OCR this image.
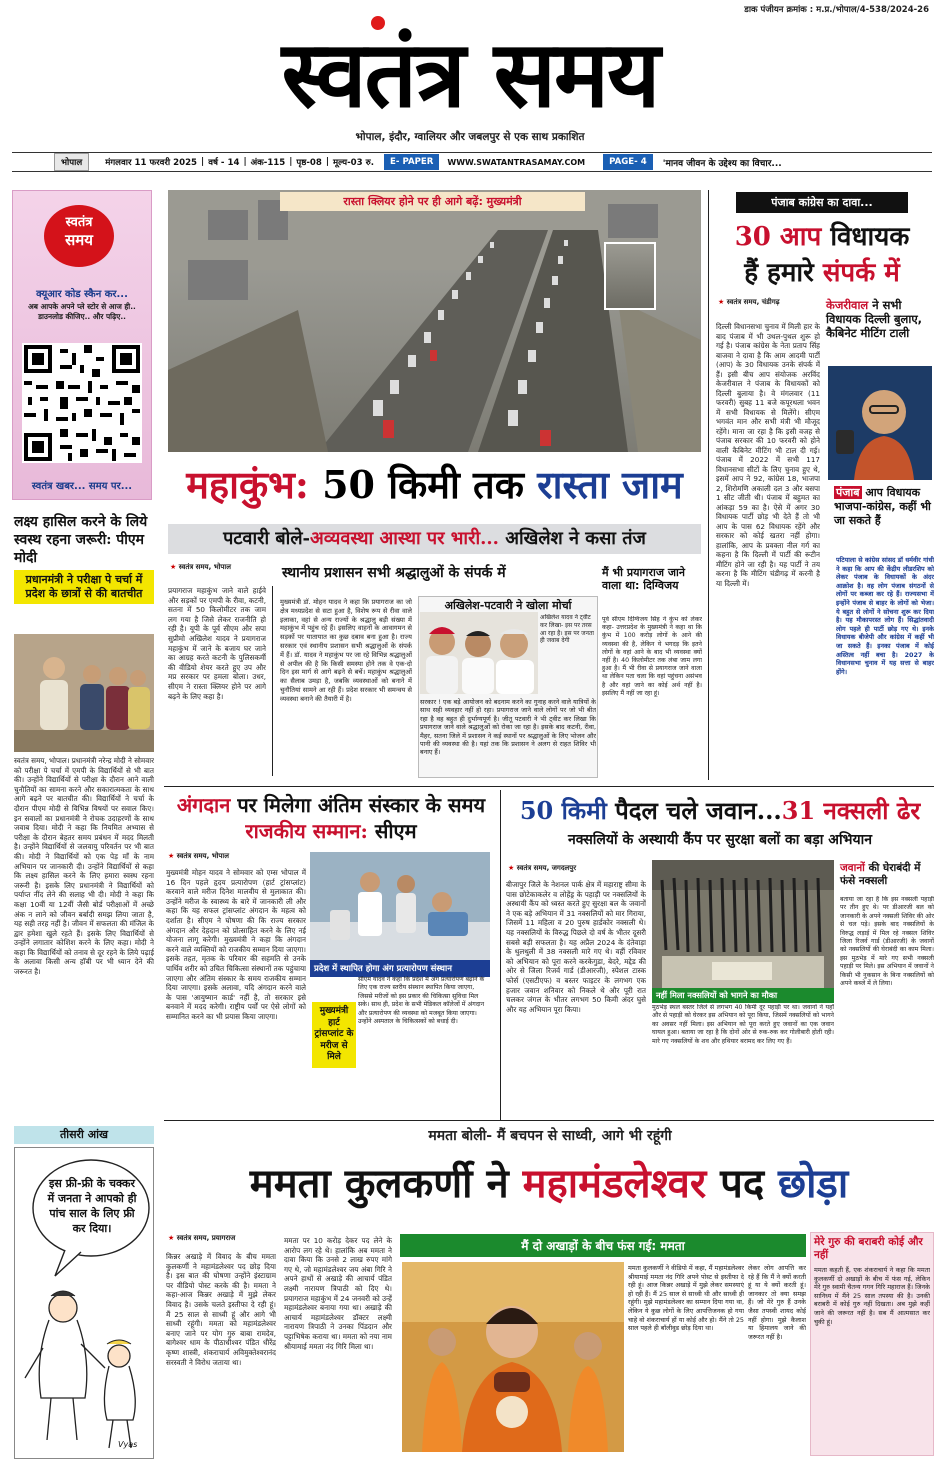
डाक पंजीयन क्रमांक : म.प्र./भोपाल/4-538/2024-26
स्वतंत्र समय
भोपाल, इंदौर, ग्वालियर और जबलपुर से एक साथ प्रकाशित
भोपाल	मंगलवार 11 फरवरी 2025 | वर्ष - 14 | अंक-115 | पृष्ठ-08 | मूल्य-03 रु.	E- PAPER	WWW.SWATANTRASAMAY.COM	PAGE- 4	'मानव जीवन के उद्देश्य का विचार...
स्वतंत्र
समय
क्यूआर कोड स्कैन कर...
अब आपके अपने प्ले स्टोर से आज ही.. डाउनलोड कीजिए.. और पढ़िए..
स्वतंत्र खबर... समय पर...
लक्ष्य हासिल करने के लिये स्वस्थ रहना जरूरी: पीएम मोदी
प्रधानमंत्री ने परीक्षा पे चर्चा में प्रदेश के छात्रों से की बातचीत
स्वतंत्र समय, भोपाल। प्रधानमंत्री नरेन्द्र मोदी ने सोमवार को परीक्षा पे चर्चा में एमपी के विद्यार्थियों से भी बात की। उन्होंने विद्यार्थियों से परीक्षा के दौरान आने वाली चुनौतियों का सामना करने और सकारात्मकता के साथ आगे बढ़ने पर बातचीत की। विद्यार्थियों ने चर्चा के दौरान पीएम मोदी से विभिन्न विषयों पर सवाल किए। इन सवालों का प्रधानमंत्री ने रोचक उदाहरणों के साथ जवाब दिया। मोदी ने कहा कि नियमित अभ्यास से परीक्षा के दौरान बेहतर समय प्रबंधन में मदद मिलती है। उन्होंने विद्यार्थियों से जलवायु परिवर्तन पर भी बात की। मोदी ने विद्यार्थियों को एक पेड़ माँ के नाम अभियान पर जानकारी दी। उन्होंने विद्यार्थियों से कहा कि लक्ष्य हासिल करने के लिए हमारा स्वस्थ रहना जरूरी है। इसके लिए प्रधानमंत्री ने विद्यार्थियों को पर्याप्त नींद लेने की सलाह भी दी। मोदी ने कहा कि कक्षा 10वीं या 12वीं जैसी बोर्ड परीक्षाओं में अच्छे अंक न लाने को जीवन बर्बादी समझ लिया जाता है, यह सही तरह नहीं है। जीवन में सफलता की मंजिल के द्वार हमेशा खुले रहते हैं। इसके लिए विद्यार्थियों से उन्होंने लगातार कोशिश करने के लिए कहा। मोदी ने कहा कि विद्यार्थियों को तनाव से दूर रहने के लिये पढ़ाई के अलावा किसी अन्य हॉबी पर भी ध्यान देने की जरूरत है।
तीसरी आंख
इस फ्री-फ्री के चक्कर में जनता ने आपको ही पांच साल के लिए फ्री कर दिया।
Vyas
रास्ता क्लियर होने पर ही आगे बढ़ें: मुख्यमंत्री
महाकुंभ: 50 किमी तक रास्ता जाम
पटवारी बोले-अव्यवस्था आस्था पर भारी... अखिलेश ने कसा तंज
★ स्वतंत्र समय, भोपाल	स्थानीय प्रशासन सभी श्रद्धालुओं के संपर्क में
प्रयागराज महाकुंभ जाने वाले हाईवे और सड़कों पर एमपी के रीवा, कटनी, सतना में 50 किलोमीटर तक जाम लग गया है जिसे लेकर राजनीति हो रही है। यूपी के पूर्व सीएम और सपा सुप्रीमो अखिलेश यादव ने प्रयागराज महाकुंभ में जाने के बजाय घर जाने का आग्रह करते कटनी के पुलिसकर्मी की वीडियो शेयर करते हुए उप और मप्र सरकार पर हमला बोला। उधर, सीएम ने रास्ता क्लियर होने पर आगे बढ़ने के लिए कहा है।
मुख्यमंत्री डॉ. मोहन यादव ने कहा कि प्रयागराज का जो क्षेत्र मध्यप्रदेश से सटा हुआ है, विशेष रूप से रीवा वाले इलाका, वहां से अन्य राज्यों के श्रद्धालु बड़ी संख्या में महाकुंभ में पहुंच रहे हैं। इसलिए वाहनों के आवागमन से सड़कों पर यातायात का कुछ दबाव बना हुआ है। राज्य सरकार एवं स्थानीय प्रशासन सभी श्रद्धालुओं के संपर्क में हैं। डॉ. यादव ने महाकुंभ पर जा रहे विभिन्न श्रद्धालुओं से अपील की है कि किसी समस्या होने तक वे एक-दो दिन इस मार्ग से आगे बढ़ने से बचें। महाकुंभ श्रद्धालुओं का सैलाब उमड़ा है, जबकि व्यवस्थाओं को बनाने में चुनौतियां सामने आ रही हैं। प्रदेश सरकार भी समन्वय से व्यवस्था बनाने की तैयारी में है।
अखिलेश-पटवारी ने खोला मोर्चा
अखिलेश यादव ने ट्वीट कर लिखा- इस पर तरस आ रहा है। इस पर जनता ही जवाब देगी
सरकार ! एक बड़े आयोजन को बदनाम करने का गुनाह करने वाले यात्रियों के साथ सही व्यवहार नहीं हो रहा। प्रयागराज जाने वाले लोगों पर जो भी बीत रहा है वह बहुत ही दुर्भाग्यपूर्ण है। जीतू पटवारी ने भी ट्वीट कर लिखा कि प्रयागराज जाने वाले श्रद्धालुओं को रोका जा रहा है। इसके बाद कटनी, रीवा, मैहर, सतना जिले में प्रशासन ने कई स्थानों पर श्रद्धालुओं के लिए भोजन और पानी की व्यवस्था की है। यहां तक कि प्रशासन ने अलग से राहत शिविर भी बनाए हैं।
मैं भी प्रयागराज जाने वाला था: दिग्विजय
पूर्व सीएम दिग्विजय सिंह ने कुंभ को लेकर कहा- उत्तरप्रदेश के मुख्यमंत्री ने कहा था कि कुंभ में 100 करोड़ लोगों के आने की व्यवस्था की है, लेकिन ये भगदड़ कि इतने लोगों के वहां आने के बाद भी व्यवस्था क्यों नहीं है। 40 किलोमीटर तक लंबा जाम लगा हुआ है। मैं भी रीवा से प्रयागराज जाने वाला था लेकिन पता चला कि वहां पहुंचना असंभव है और वहां जाने का कोई अर्थ नहीं है। इसलिए मैं नहीं जा रहा हूं।
पंजाब कांग्रेस का दावा...
30 आप विधायक
हैं हमारे संपर्क में
★ स्वतंत्र समय, चंडीगढ़
दिल्ली विधानसभा चुनाव में मिली हार के बाद पंजाब में भी उथल-पुथल शुरू हो गई है। पंजाब कांग्रेस के नेता प्रताप सिंह बाजवा ने दावा है कि आम आदमी पार्टी (आप) के 30 विधायक उनके संपर्क में हैं। इसी बीच आप संयोजक अरविंद केजरीवाल ने पंजाब के विधायकों को दिल्ली बुलाया है। वे मंगलवार (11 फरवरी) सुबह 11 बजे कपूरथला भवन में सभी विधायक से मिलेंगे। सीएम भगवंत मान और सभी मंत्री भी मौजूद रहेंगे। माना जा रहा है कि इसी वजह से पंजाब सरकार की 10 फरवरी को होने वाली कैबिनेट मीटिंग भी टाल दी गई। पंजाब में 2022 में सभी 117 विधानसभा सीटों के लिए चुनाव हुए थे, इसमें आप ने 92, कांग्रेस 18, भाजपा 2, शिरोमणि अकाली दल 3 और बसपा 1 सीट जीती थी। पंजाब में बहुमत का आंकड़ा 59 का है। ऐसे में अगर 30 विधायक पार्टी छोड़ भी देते हैं तो भी आप के पास 62 विधायक रहेंगे और सरकार को कोई खतरा नहीं होगा। हालांकि, आप के प्रवक्ता नील गर्ग का कहना है कि दिल्ली में पार्टी की रूटीन मीटिंग होने जा रही है। यह पार्टी ने तय करना है कि मीटिंग चंडीगढ़ में करनी है या दिल्ली में।
केजरीवाल ने सभी विधायक दिल्ली बुलाए, कैबिनेट मीटिंग टाली
पंजाब आप विधायक भाजपा-कांग्रेस, कहीं भी जा सकते हैं
पटियाला से कांग्रेस सांसद डॉ धर्मवीर गांधी ने कहा कि आप की केंद्रीय लीडरशिप को लेकर पंजाब के विधायकों के अंदर आक्रोश है। वह लोग पंजाब संगठनों से लोगों पर कब्जा कर रहे हैं। राज्यसभा में इन्होंने पंजाब से बाहर के लोगों को भेजा। ये बहुत से लोगों ने सोचना शुरू कर दिया है। यह मौकापरस्त लोग हैं। सिद्धांतवादी लोग पहले ही पार्टी छोड़ गए थे। इनके विधायक बीजेपी और कांग्रेस में कहीं भी जा सकते हैं। इनका पंजाब में कोई अस्तित्व नहीं बचा है। 2027 के विधानसभा चुनाव में यह सत्ता से बाहर होंगे।
अंगदान पर मिलेगा अंतिम संस्कार के समय राजकीय सम्मान: सीएम
★ स्वतंत्र समय, भोपाल
मुख्यमंत्री मोहन यादव ने सोमवार को एम्स भोपाल में 16 दिन पहले हृदय प्रत्यारोपण (हार्ट ट्रांसप्लांट) करवाने वाले मरीज दिनेश मालवीय से मुलाकात की। उन्होंने मरीज के स्वास्थ्य के बारे में जानकारी ली और कहा कि यह सफल ट्रांसप्लांट अंगदान के महत्व को दर्शाता है। सीएम ने घोषणा की कि राज्य सरकार अंगदान और देहदान को प्रोत्साहित करने के लिए नई योजना लागू करेगी। मुख्यमंत्री ने कहा कि अंगदान करने वाले व्यक्तियों को राजकीय सम्मान दिया जाएगा। इसके तहत, मृतक के परिवार की सहमति से उनके पार्थिव शरीर को उचित चिकित्सा संस्थानों तक पहुंचाया जाएगा और अंतिम संस्कार के समय राजकीय सम्मान दिया जाएगा। इसके अलावा, यदि अंगदान करने वाले के पास 'आयुष्मान कार्ड' नहीं है, तो सरकार इसे बनवाने में मदद करेगी। राष्ट्रीय पर्वों पर ऐसे लोगों को सम्मानित करने का भी प्रयास किया जाएगा।
प्रदेश में स्थापित होगा अंग प्रत्यारोपण संस्थान
सीएम यादव ने कहा कि प्रदेश में अंग प्रत्यारोपण बढ़ाने के लिए एक राज्य स्तरीय संस्थान स्थापित किया जाएगा, जिससे मरीजों को इस प्रकार की चिकित्सा सुविधा मिल सके। साथ ही, प्रदेश के सभी मेडिकल कॉलेजों में अंगदान और प्रत्यारोपण की व्यवस्था को मजबूत किया जाएगा। उन्होंने अस्पताल के चिकित्सकों को बधाई दी।
मुख्यमंत्री हार्ट ट्रांसप्लांट के मरीज से मिले
50 किमी पैदल चले जवान...31 नक्सली ढेर
नक्सलियों के अस्थायी कैंप पर सुरक्षा बलों का बड़ा अभियान
★ स्वतंत्र समय, जगदलपुर
बीजापुर जिले के नेशनल पार्क क्षेत्र में महाराष्ट्र सीमा के पास छोटेकाकलेर व लोहेंड्र के पहाड़ी पर नक्सलियों के अस्थायी कैंप को ध्वस्त करते हुए सुरक्षा बल के जवानों ने एक बड़े अभियान में 31 नक्सलियों को मार गिराया, जिसमें 11 महिला व 20 पुरुष हार्डकोर नक्सली थे। यह नक्सलियों के विरुद्ध पिछले दो वर्ष के भीतर दूसरी सबसे बड़ी सफलता है। यह अप्रैल 2024 के दंतेवाड़ा के थुलथुली में 38 नक्सली मारे गए थे। वहीं रविवार को अभियान को पूरा करने करकेगुडा, बेदरे, मद्देड की ओर से जिला रिजर्व गार्ड (डीआरजी), स्पेशल टास्क फोर्स (एसटीएफ) व बस्तर फाइटर के लगभग एक हजार जवान शनिवार को निकले थे और पूरी रात चलकर जंगल के भीतर लगभग 50 किमी अंदर घुसे और यह अभियान पूरा किया।
नहीं मिला नक्सलियों को भागने का मौका
मुठभेड़ स्थल बस्तर जिले से लगभग 40 किमी दूर पहाड़ी पर था। जवानों ने यहाँ और से पहाड़ी को घेरकर इस अभियान को पूरा किया, जिसमें नक्सलियों को भागने का अवसर नहीं मिला। इस अभियान को पूरा करते हुए जवानों का एक जवान घायल हुआ। बताया जा रहा है कि दोनों ओर से रुक-रुक कर गोलीबारी होती रही। मारे गए नक्सलियों के शव और हथियार बरामद कर लिए गए हैं।
जवानों की घेराबंदी में फंसे नक्सली
बताया जा रहा है कि इस नक्सली पहाड़ी पर तीन हुए थे। पर डीआरजी बल को जानकारी के अपने नक्सली शिविर की ओर से चल पड़े। इसके बाद नक्सलियों के विरुद्ध लड़ाई में मिल रहे नक्सल शिविर जिला रिजर्व गार्ड (डीआरजी) के जवानों को नक्सलियों की घेराबंदी का काम मिला। इस मुठभेड़ में मारे गए सभी नक्सली पहाड़ी पर मिले। इस अभियान में जवानों ने किसी भी नुकसान के बिना नक्सलियों को अपने कब्जे में ले लिया।
ममता बोली- मैं बचपन से साध्वी, आगे भी रहूंगी
ममता कुलकर्णी ने महामंडलेश्वर पद छोड़ा
★ स्वतंत्र समय, प्रयागराज
किन्नर अखाड़े में विवाद के बीच ममता कुलकर्णी ने महामंडलेश्वर पद छोड़ दिया है। इस बात की घोषणा उन्होंने इंस्टाग्राम पर वीडियो पोस्ट करके की है। ममता ने कहा-आज किन्नर अखाड़े में मुझे लेकर विवाद है। उसके चलते इस्तीफा दे रही हूं। मैं 25 साल से साध्वी हूं और आगे भी साध्वी रहूंगी। ममता को महामंडलेश्वर बनाए जाने पर योग गुरु बाबा रामदेव, बागेश्वर धाम के पीठाधीश्वर पंडित धीरेंद्र कृष्ण शास्त्री, शंकराचार्य अविमुक्तेश्वरानंद सरस्वती ने विरोध जताया था।
ममता पर 10 करोड़ देकर पद लेने के आरोप लग रहे थे। हालांकि अब ममता ने दावा किया कि उनसे 2 लाख रुपए मांगे गए थे, जो महामंडलेश्वर जय अंबा गिरि ने अपने हाथों से अखाड़े की आचार्य पंडित लक्ष्मी नारायण त्रिपाठी को दिए थे। प्रयागराज महाकुंभ में 24 जनवरी को उन्हें महामंडलेश्वर बनाया गया था। अखाड़े की आचार्य महामंडलेश्वर डॉक्टर लक्ष्मी नारायण त्रिपाठी ने उनका पिंडदान और पट्टाभिषेक कराया था। ममता को नया नाम श्रीयामाई ममता नंद गिरि मिला था।
मैं दो अखाड़ों के बीच फंस गई: ममता
ममता कुलकर्णी ने वीडियो में कहा, मैं महामंडलेश्वर श्रीयामाई ममता नंद गिरि अपने पोस्ट से इस्तीफा दे रही हूं। आज किन्नर अखाड़े में मुझे लेकर समस्याएं हो रही हैं। मैं 25 साल से साध्वी थी और साध्वी ही रहूंगी। मुझे महामंडलेश्वर का सम्मान दिया गया था, लेकिन ये कुछ लोगों के लिए आपत्तिजनक हो गया चाहे वो शंकराचार्य हों या कोई और हो। मैंने तो 25 साल पहले ही बॉलीवुड छोड़ दिया था।
लेकर लोग आपत्ति कर रहे हैं कि मैं ने क्यों करती हूं या ये क्यों करती हूं। जानकार तो क्या समझ हैं। जो मेरे गुरु हैं उनके जैसा तपस्वी शायद कोई नहीं होगा। मुझे कैलाश या हिमालय जाने की जरूरत नहीं है।
मेरे गुरु की बराबरी कोई और नहीं
ममता कहती हैं, एक शंकराचार्य ने कहा कि ममता कुलकर्णी दो अखाड़ों के बीच में फंस गई, लेकिन मेरे गुरु स्वामी चैतन्य गगन गिरि महाराज हैं। जिनके सानिध्य में मैंने 25 साल तपस्या की है। उनकी बराबरी में कोई गुरु नहीं दिखता। अब मुझे कहीं जाने की जरूरत नहीं है। सब मैं आत्मसात कर चुकी हूं।
